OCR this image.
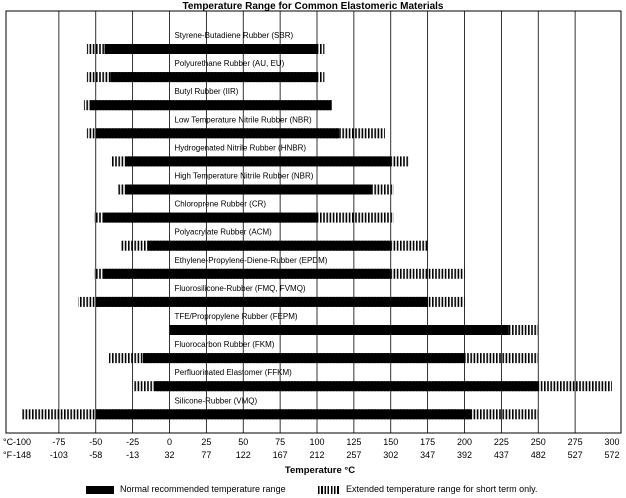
Temperature Range for Common Elastomeric Materials
Styrene-Butadiene Rubber (SBR)
Polyurethane Rubber (AU, EU)
Butyl Rubber (IIR)
Low Temperature Nitrile Rubber (NBR)
Hydrogenated Nitrile Rubber (HNBR)
High Temperature Nitrile Rubber (NBR)
Chloroprene Rubber (CR)
Polyacrylate Rubber (ACM)
Ethylene-Propylene-Diene-Rubber (EPDM)
Fluorosilicone-Rubber (FMQ, FVMQ)
TFE/Propropylene Rubber (FEPM)
Fluorocarbon Rubber (FKM)
Perfluorinated Elastomer (FFKM)
Silicone-Rubber (VMQ)
°C
°F
-100
-148
-75
-103
-50
-58
-25
-13
0
32
25
77
50
122
75
167
100
212
125
257
150
302
175
347
200
392
225
437
250
482
275
527
300
572
Temperature °C
Normal recommended temperature range	Extended temperature range for short term only.
